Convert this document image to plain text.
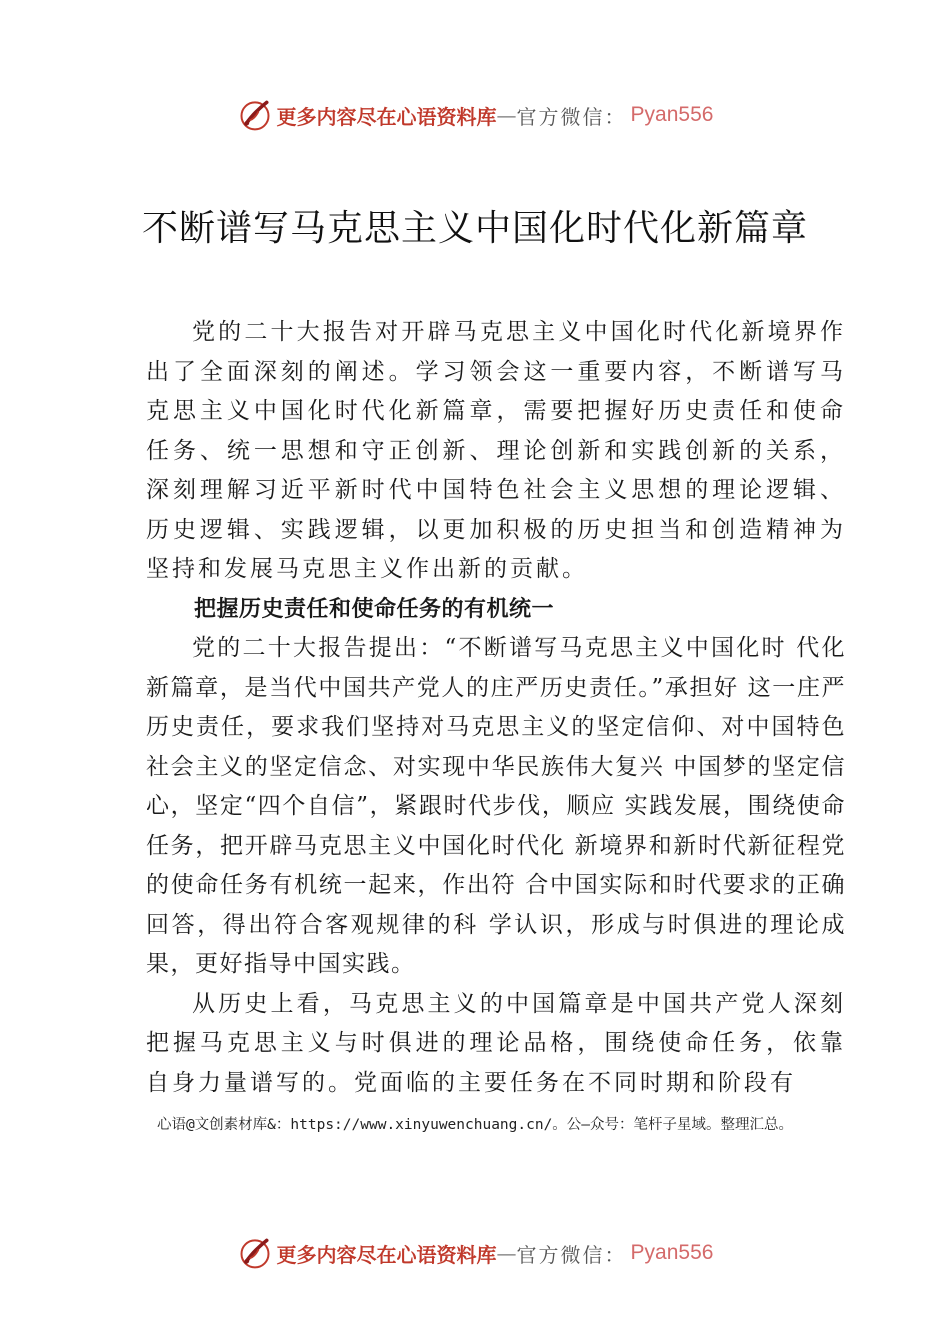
更多内容尽在心语资料库 — 官方微信： Pyan556
不断谱写马克思主义中国化时代化新篇章

党的二十大报告对开辟马克思主义中国化时代化新境界作出了全面深刻的阐述。学习领会这一重要内容，不断谱写马克思主义中国化时代化新篇章，需要把握好历史责任和使命任务、统一思想和守正创新、理论创新和实践创新的关系，深刻理解习近平新时代中国特色社会主义思想的理论逻辑、历史逻辑、实践逻辑，以更加积极的历史担当和创造精神为坚持和发展马克思主义作出新的贡献。

把握历史责任和使命任务的有机统一

党的二十大报告提出：“不断谱写马克思主义中国化时 代化新篇章，是当代中国共产党人的庄严历史责任。”承担好 这一庄严历史责任，要求我们坚持对马克思主义的坚定信仰、对中国特色社会主义的坚定信念、对实现中华民族伟大复兴 中国梦的坚定信心，坚定“四个自信”，紧跟时代步伐，顺应 实践发展，围绕使命任务，把开辟马克思主义中国化时代化 新境界和新时代新征程党的使命任务有机统一起来，作出符 合中国实际和时代要求的正确回答，得出符合客观规律的科 学认识，形成与时俱进的理论成果，更好指导中国实践。

从历史上看，马克思主义的中国篇章是中国共产党人深刻把握马克思主义与时俱进的理论品格，围绕使命任务，依靠自身力量谱写的。党面临的主要任务在不同时期和阶段有

心语@文创素材库&：https://www.xinyuwenchuang.cn/。公—众号：笔杆子星域。整理汇总。
更多内容尽在心语资料库 — 官方微信： Pyan556
